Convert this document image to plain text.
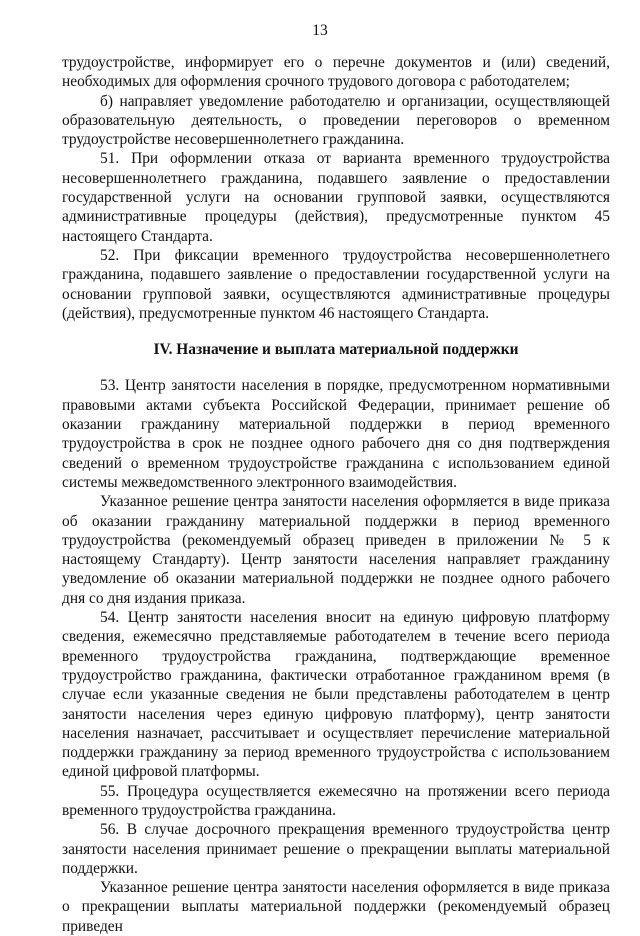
13

трудоустройстве, информирует его о перечне документов и (или) сведений, необходимых для оформления срочного трудового договора с работодателем;

б) направляет уведомление работодателю и организации, осуществляющей образовательную деятельность, о проведении переговоров о временном трудоустройстве несовершеннолетнего гражданина.

51. При оформлении отказа от варианта временного трудоустройства несовершеннолетнего гражданина, подавшего заявление о предоставлении государственной услуги на основании групповой заявки, осуществляются административные процедуры (действия), предусмотренные пунктом 45 настоящего Стандарта.

52. При фиксации временного трудоустройства несовершеннолетнего гражданина, подавшего заявление о предоставлении государственной услуги на основании групповой заявки, осуществляются административные процедуры (действия), предусмотренные пунктом 46 настоящего Стандарта.

IV. Назначение и выплата материальной поддержки

53. Центр занятости населения в порядке, предусмотренном нормативными правовыми актами субъекта Российской Федерации, принимает решение об оказании гражданину материальной поддержки в период временного трудоустройства в срок не позднее одного рабочего дня со дня подтверждения сведений о временном трудоустройстве гражданина с использованием единой системы межведомственного электронного взаимодействия.

Указанное решение центра занятости населения оформляется в виде приказа об оказании гражданину материальной поддержки в период временного трудоустройства (рекомендуемый образец приведен в приложении № 5 к настоящему Стандарту). Центр занятости населения направляет гражданину уведомление об оказании материальной поддержки не позднее одного рабочего дня со дня издания приказа.

54. Центр занятости населения вносит на единую цифровую платформу сведения, ежемесячно представляемые работодателем в течение всего периода временного трудоустройства гражданина, подтверждающие временное трудоустройство гражданина, фактически отработанное гражданином время (в случае если указанные сведения не были представлены работодателем в центр занятости населения через единую цифровую платформу), центр занятости населения назначает, рассчитывает и осуществляет перечисление материальной поддержки гражданину за период временного трудоустройства с использованием единой цифровой платформы.

55. Процедура осуществляется ежемесячно на протяжении всего периода временного трудоустройства гражданина.

56. В случае досрочного прекращения временного трудоустройства центр занятости населения принимает решение о прекращении выплаты материальной поддержки.

Указанное решение центра занятости населения оформляется в виде приказа о прекращении выплаты материальной поддержки (рекомендуемый образец приведен
